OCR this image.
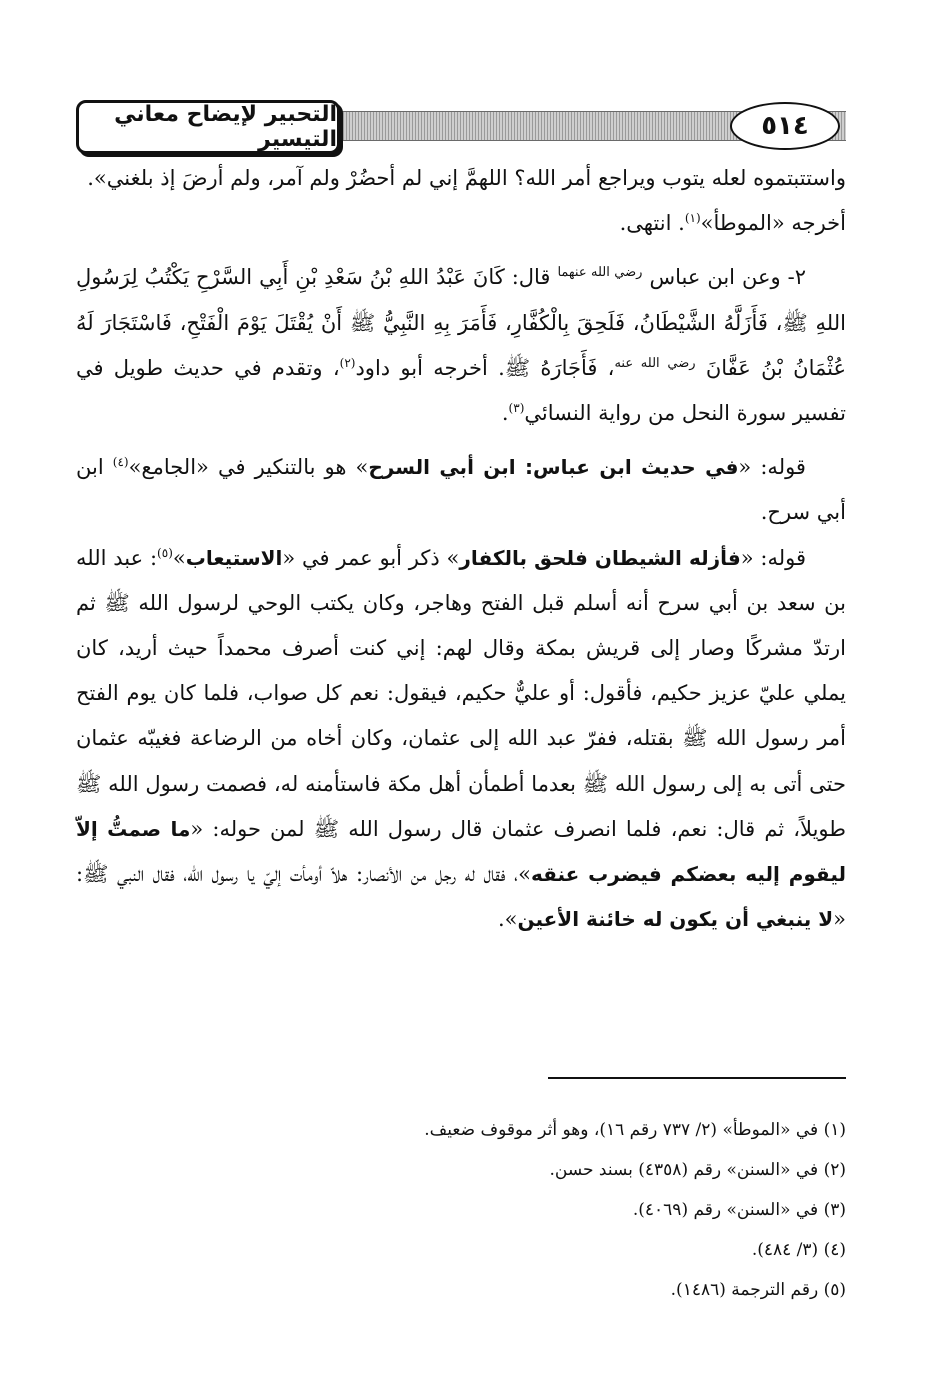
التحبير لإيضاح معاني التيسير	٥١٤

واستتبتموه لعله يتوب ويراجع أمر الله؟ اللهمَّ إني لم أحضُرْ ولم آمر، ولم أرضَ إذ بلغني».
أخرجه «الموطأ»$^{(١)}$. انتهى.

٢- وعن ابن عباس $^{رضي الله عنهما}$ قال: كَانَ عَبْدُ اللهِ بْنُ سَعْدِ بْنِ أَبِي السَّرْحِ يَكْتُبُ لِرَسُولِ اللهِ ﷺ، فَأَزَلَّهُ الشَّيْطَانُ، فَلَحِقَ بِالْكُفَّارِ، فَأَمَرَ بِهِ النَّبِيُّ ﷺ أَنْ يُقْتَلَ يَوْمَ الْفَتْحِ، فَاسْتَجَارَ لَهُ عُثْمَانُ بْنُ عَفَّانَ $^{رضي الله عنه}$، فَأَجَارَهُ ﷺ. أخرجه أبو داود$^{(٢)}$، وتقدم في حديث طويل في تفسير سورة النحل من رواية النسائي$^{(٣)}$.

قوله: «في حديث ابن عباس: ابن أبي السرح» هو بالتنكير في «الجامع»$^{(٤)}$ ابن أبي سرح.

قوله: «فأزله الشيطان فلحق بالكفار» ذكر أبو عمر في «الاستيعاب»$^{(٥)}$: عبد الله بن سعد بن أبي سرح أنه أسلم قبل الفتح وهاجر، وكان يكتب الوحي لرسول الله ﷺ ثم ارتدّ مشركًا وصار إلى قريش بمكة وقال لهم: إني كنت أصرف محمداً حيث أريد، كان يملي عليّ عزيز حكيم، فأقول: أو عليٌّ حكيم، فيقول: نعم كل صواب، فلما كان يوم الفتح أمر رسول الله ﷺ بقتله، ففرّ عبد الله إلى عثمان، وكان أخاه من الرضاعة فغيبّه عثمان حتى أتى به إلى رسول الله ﷺ بعدما أطمأن أهل مكة فاستأمنه له، فصمت رسول الله ﷺ طويلاً، ثم قال: نعم، فلما انصرف عثمان قال رسول الله ﷺ لمن حوله: «ما صمتُّ إلاّ ليقوم إليه بعضكم فيضرب عنقه»، فقال له رجل من الأنصار: هلاّ أومأت إليّ يا رسول الله، فقال النبي ﷺ: «لا ينبغي أن يكون له خائنة الأعين».

(١) في «الموطأ» (٢/ ٧٣٧ رقم ١٦)، وهو أثر موقوف ضعيف.
(٢) في «السنن» رقم (٤٣٥٨) بسند حسن.
(٣) في «السنن» رقم (٤٠٦٩).
(٤) (٣/ ٤٨٤).
(٥) رقم الترجمة (١٤٨٦).
